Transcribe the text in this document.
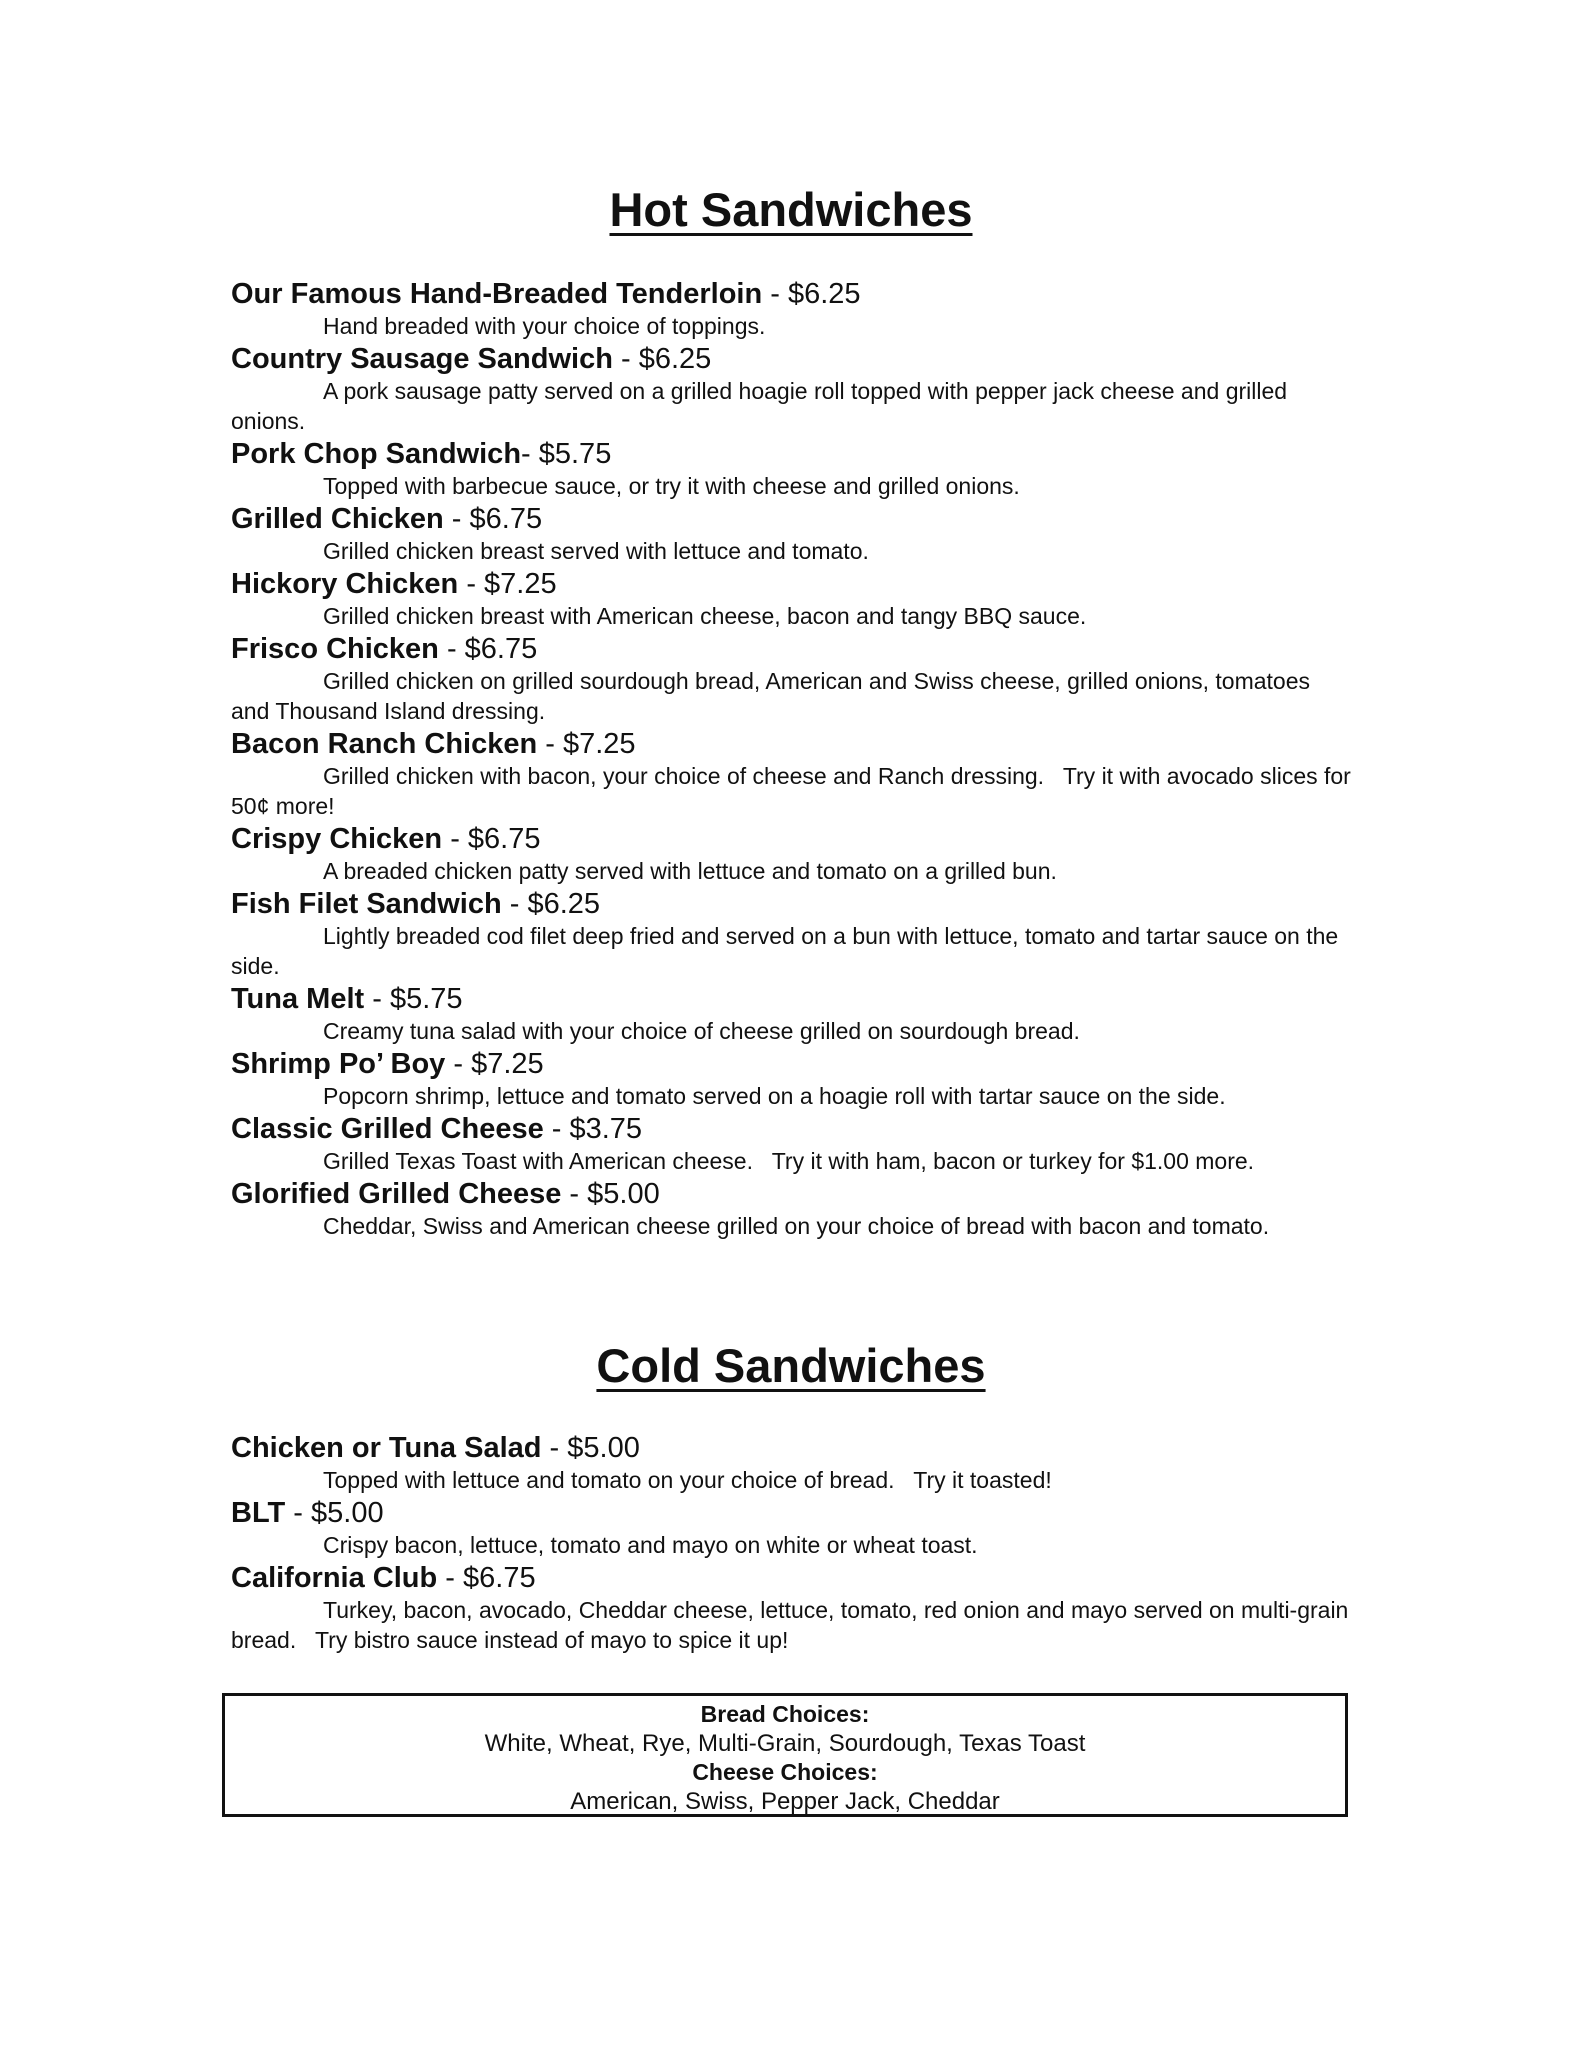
Hot Sandwiches
Our Famous Hand-Breaded Tenderloin - $6.25
Hand breaded with your choice of toppings.
Country Sausage Sandwich - $6.25
A pork sausage patty served on a grilled hoagie roll topped with pepper jack cheese and grilled onions.
Pork Chop Sandwich- $5.75
Topped with barbecue sauce, or try it with cheese and grilled onions.
Grilled Chicken - $6.75
Grilled chicken breast served with lettuce and tomato.
Hickory Chicken - $7.25
Grilled chicken breast with American cheese, bacon and tangy BBQ sauce.
Frisco Chicken - $6.75
Grilled chicken on grilled sourdough bread, American and Swiss cheese, grilled onions, tomatoes and Thousand Island dressing.
Bacon Ranch Chicken - $7.25
Grilled chicken with bacon, your choice of cheese and Ranch dressing.   Try it with avocado slices for 50¢ more!
Crispy Chicken - $6.75
A breaded chicken patty served with lettuce and tomato on a grilled bun.
Fish Filet Sandwich - $6.25
Lightly breaded cod filet deep fried and served on a bun with lettuce, tomato and tartar sauce on the side.
Tuna Melt - $5.75
Creamy tuna salad with your choice of cheese grilled on sourdough bread.
Shrimp Po’ Boy - $7.25
Popcorn shrimp, lettuce and tomato served on a hoagie roll with tartar sauce on the side.
Classic Grilled Cheese - $3.75
Grilled Texas Toast with American cheese.   Try it with ham, bacon or turkey for $1.00 more.
Glorified Grilled Cheese - $5.00
Cheddar, Swiss and American cheese grilled on your choice of bread with bacon and tomato.
Cold Sandwiches
Chicken or Tuna Salad - $5.00
Topped with lettuce and tomato on your choice of bread.   Try it toasted!
BLT - $5.00
Crispy bacon, lettuce, tomato and mayo on white or wheat toast.
California Club - $6.75
Turkey, bacon, avocado, Cheddar cheese, lettuce, tomato, red onion and mayo served on multi-grain bread.   Try bistro sauce instead of mayo to spice it up!
Bread Choices:
White, Wheat, Rye, Multi-Grain, Sourdough, Texas Toast
Cheese Choices:
American, Swiss, Pepper Jack, Cheddar
